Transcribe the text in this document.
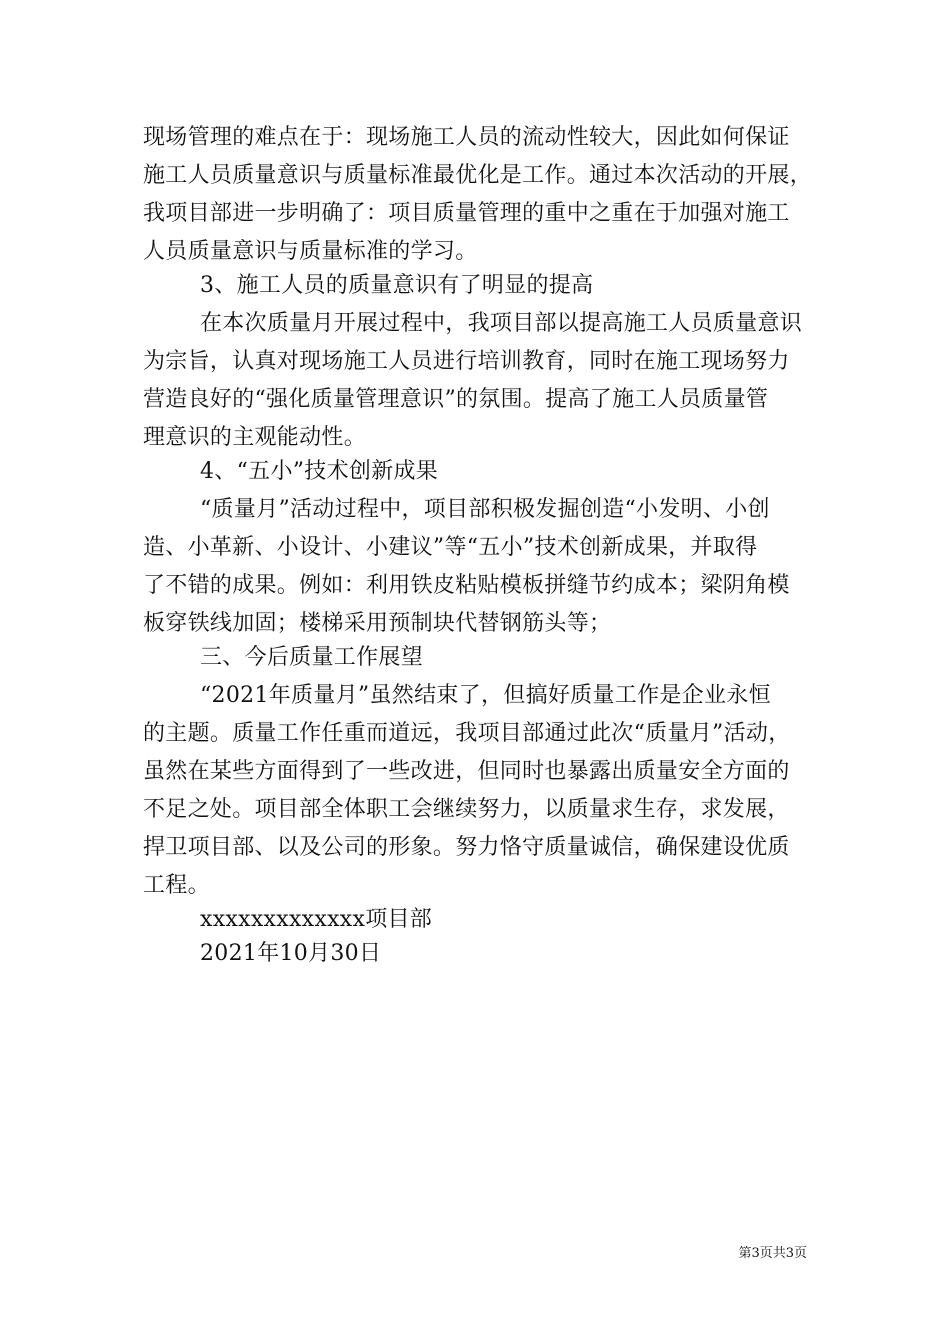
现场管理的难点在于：现场施工人员的流动性较大，因此如何保证
施工人员质量意识与质量标准最优化是工作。通过本次活动的开展，
我项目部进一步明确了：项目质量管理的重中之重在于加强对施工
人员质量意识与质量标准的学习。
3、施工人员的质量意识有了明显的提高
在本次质量月开展过程中，我项目部以提高施工人员质量意识
为宗旨，认真对现场施工人员进行培训教育，同时在施工现场努力
营造良好的“强化质量管理意识”的氛围。提高了施工人员质量管
理意识的主观能动性。
4、“五小”技术创新成果
“质量月”活动过程中，项目部积极发掘创造“小发明、小创
造、小革新、小设计、小建议”等“五小”技术创新成果，并取得
了不错的成果。例如：利用铁皮粘贴模板拼缝节约成本；梁阴角模
板穿铁线加固；楼梯采用预制块代替钢筋头等；
三、今后质量工作展望
“2021年质量月”虽然结束了，但搞好质量工作是企业永恒
的主题。质量工作任重而道远，我项目部通过此次“质量月”活动，
虽然在某些方面得到了一些改进，但同时也暴露出质量安全方面的
不足之处。项目部全体职工会继续努力，以质量求生存，求发展，
捍卫项目部、以及公司的形象。努力恪守质量诚信，确保建设优质
工程。
xxxxxxxxxxxxx项目部
2021年10月30日
第3页共3页
